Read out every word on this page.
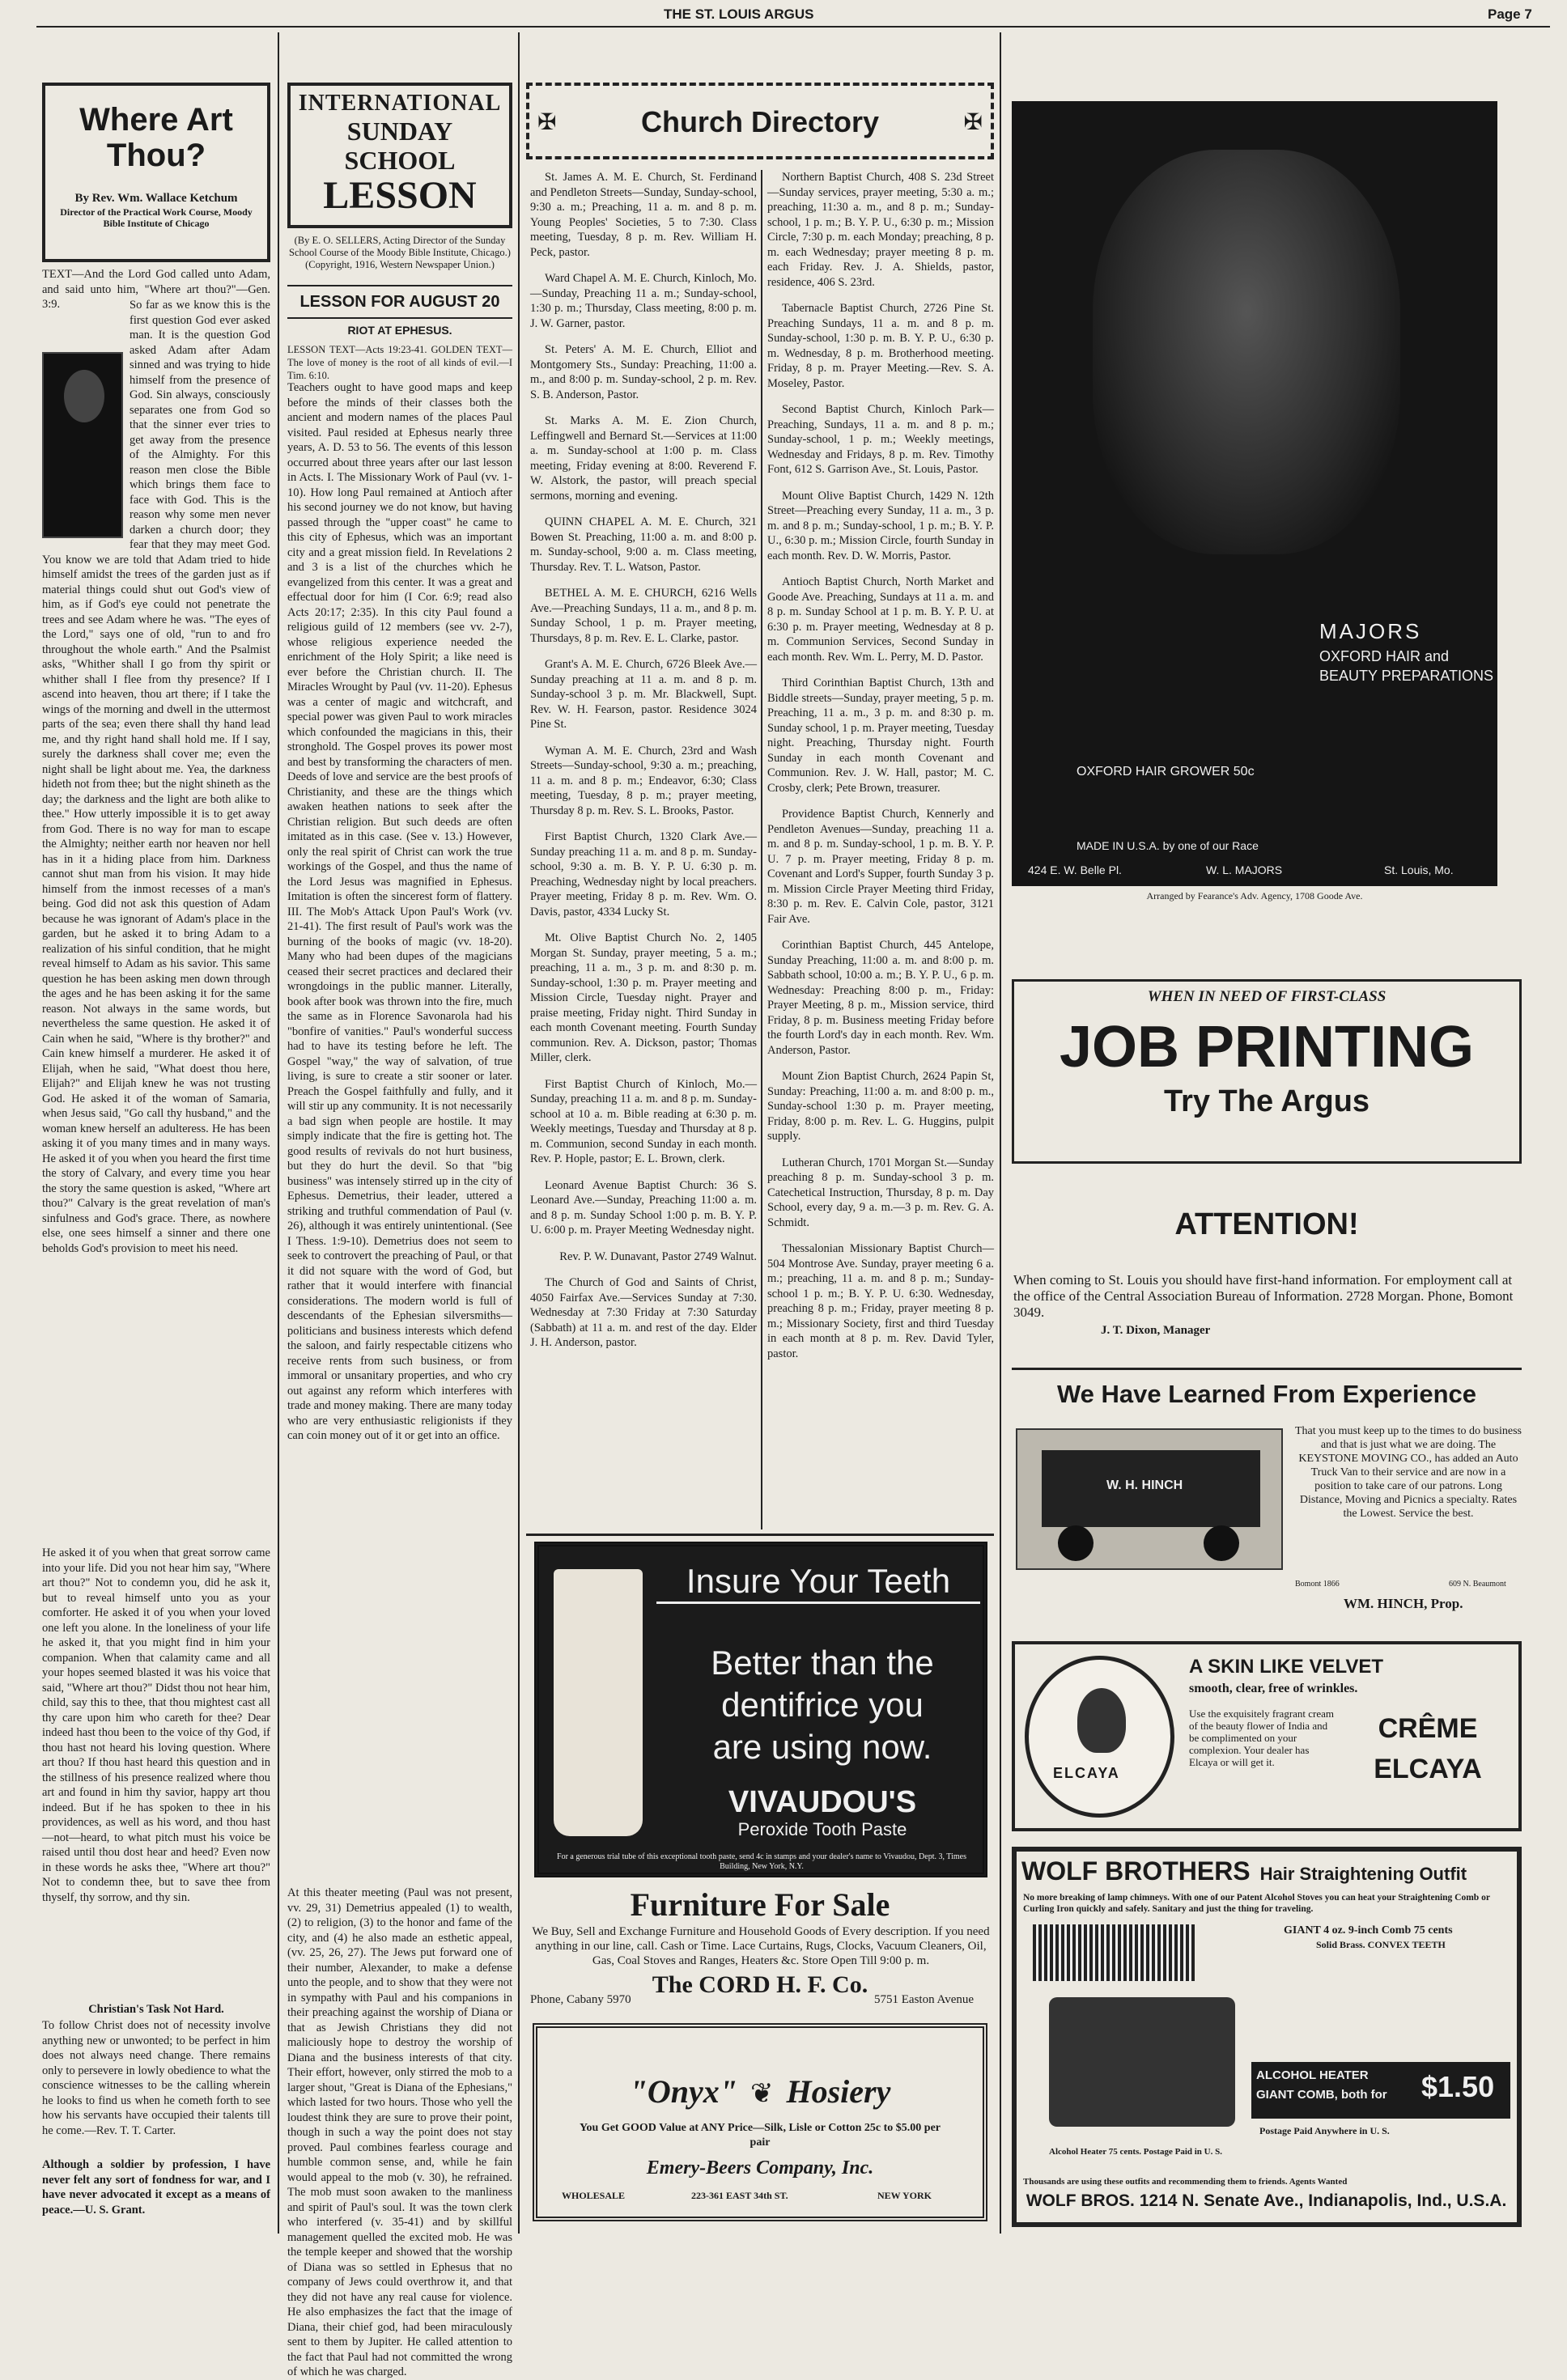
THE ST. LOUIS ARGUS	Page 7
Where Art Thou?
By Rev. Wm. Wallace Ketchum
Director of the Practical Work Course, Moody Bible Institute of Chicago
TEXT—And the Lord God called unto Adam, and said unto him, "Where art thou?"—Gen. 3:9.	So far as we know this is the first question God ever asked man. It is the question God asked Adam after Adam sinned and was trying to hide himself from the presence of God. Sin always, consciously separates one from God so that the sinner ever tries to get away from the presence of the Almighty. For this reason men close the Bible which brings them face to face with God. This is the reason why some men never darken a church door; they fear that they may meet God. You know we are told that Adam tried to hide himself amidst the trees of the garden just as if material things could shut out God's view of him, as if God's eye could not penetrate the trees and see Adam where he was. "The eyes of the Lord," says one of old, "run to and fro throughout the whole earth." And the Psalmist asks, "Whither shall I go from thy spirit or whither shall I flee from thy presence? If I ascend into heaven, thou art there; if I take the wings of the morning and dwell in the uttermost parts of the sea; even there shall thy hand lead me, and thy right hand shall hold me. If I say, surely the darkness shall cover me; even the night shall be light about me. Yea, the darkness hideth not from thee; but the night shineth as the day; the darkness and the light are both alike to thee." How utterly impossible it is to get away from God. There is no way for man to escape the Almighty; neither earth nor heaven nor hell has in it a hiding place from him. Darkness cannot shut man from his vision. It may hide himself from the inmost recesses of a man's being. God did not ask this question of Adam because he was ignorant of Adam's place in the garden, but he asked it to bring Adam to a realization of his sinful condition, that he might reveal himself to Adam as his savior. This same question he has been asking men down through the ages and he has been asking it for the same reason. Not always in the same words, but nevertheless the same question. He asked it of Cain when he said, "Where is thy brother?" and Cain knew himself a murderer. He asked it of Elijah, when he said, "What doest thou here, Elijah?" and Elijah knew he was not trusting God. He asked it of the woman of Samaria, when Jesus said, "Go call thy husband," and the woman knew herself an adulteress. He has been asking it of you many times and in many ways. He asked it of you when you heard the first time the story of Calvary, and every time you hear the story the same question is asked, "Where art thou?" Calvary is the great revelation of man's sinfulness and God's grace. There, as nowhere else, one sees himself a sinner and there one beholds God's provision to meet his need.
He asked it of you when that great sorrow came into your life. Did you not hear him say, "Where art thou?" Not to condemn you, did he ask it, but to reveal himself unto you as your comforter. He asked it of you when your loved one left you alone. In the loneliness of your life he asked it, that you might find in him your companion. When that calamity came and all your hopes seemed blasted it was his voice that said, "Where art thou?" Didst thou not hear him, child, say this to thee, that thou mightest cast all thy care upon him who careth for thee? Dear indeed hast thou been to the voice of thy God, if thou hast not heard his loving question. Where art thou? If thou hast heard this question and in the stillness of his presence realized where thou art and found in him thy savior, happy art thou indeed. But if he has spoken to thee in his providences, as well as his word, and thou hast—not—heard, to what pitch must his voice be raised until thou dost hear and heed? Even now in these words he asks thee, "Where art thou?" Not to condemn thee, but to save thee from thyself, thy sorrow, and thy sin.
Christian's Task Not Hard.
To follow Christ does not of necessity involve anything new or unwonted; to be perfect in him does not always need change. There remains only to persevere in lowly obedience to what the conscience witnesses to be the calling wherein he looks to find us when he cometh forth to see how his servants have occupied their talents till he come.—Rev. T. T. Carter.
Although a soldier by profession, I have never felt any sort of fondness for war, and I have never advocated it except as a means of peace.—U. S. Grant.
INTERNATIONAL
SUNDAY SCHOOL
LESSON
(By E. O. SELLERS, Acting Director of the Sunday School Course of the Moody Bible Institute, Chicago.) (Copyright, 1916, Western Newspaper Union.)
LESSON FOR AUGUST 20
RIOT AT EPHESUS.
LESSON TEXT—Acts 19:23-41. GOLDEN TEXT—The love of money is the root of all kinds of evil.—I Tim. 6:10.
Teachers ought to have good maps and keep before the minds of their classes both the ancient and modern names of the places Paul visited. Paul resided at Ephesus nearly three years, A. D. 53 to 56. The events of this lesson occurred about three years after our last lesson in Acts. I. The Missionary Work of Paul (vv. 1-10). How long Paul remained at Antioch after his second journey we do not know, but having passed through the "upper coast" he came to this city of Ephesus, which was an important city and a great mission field. In Revelations 2 and 3 is a list of the churches which he evangelized from this center. It was a great and effectual door for him (I Cor. 6:9; read also Acts 20:17; 2:35). In this city Paul found a religious guild of 12 members (see vv. 2-7), whose religious experience needed the enrichment of the Holy Spirit; a like need is ever before the Christian church. II. The Miracles Wrought by Paul (vv. 11-20). Ephesus was a center of magic and witchcraft, and special power was given Paul to work miracles which confounded the magicians in this, their stronghold. The Gospel proves its power most and best by transforming the characters of men. Deeds of love and service are the best proofs of Christianity, and these are the things which awaken heathen nations to seek after the Christian religion. But such deeds are often imitated as in this case. (See v. 13.) However, only the real spirit of Christ can work the true workings of the Gospel, and thus the name of the Lord Jesus was magnified in Ephesus. Imitation is often the sincerest form of flattery. III. The Mob's Attack Upon Paul's Work (vv. 21-41). The first result of Paul's work was the burning of the books of magic (vv. 18-20). Many who had been dupes of the magicians ceased their secret practices and declared their wrongdoings in the public manner. Literally, book after book was thrown into the fire, much the same as in Florence Savonarola had his "bonfire of vanities." Paul's wonderful success had to have its testing before he left. The Gospel "way," the way of salvation, of true living, is sure to create a stir sooner or later. Preach the Gospel faithfully and fully, and it will stir up any community. It is not necessarily a bad sign when people are hostile. It may simply indicate that the fire is getting hot. The good results of revivals do not hurt business, but they do hurt the devil. So that "big business" was intensely stirred up in the city of Ephesus. Demetrius, their leader, uttered a striking and truthful commendation of Paul (v. 26), although it was entirely unintentional. (See I Thess. 1:9-10). Demetrius does not seem to seek to controvert the preaching of Paul, or that it did not square with the word of God, but rather that it would interfere with financial considerations. The modern world is full of descendants of the Ephesian silversmiths—politicians and business interests which defend the saloon, and fairly respectable citizens who receive rents from such business, or from immoral or unsanitary properties, and who cry out against any reform which interferes with trade and money making. There are many today who are very enthusiastic religionists if they can coin money out of it or get into an office.
At this theater meeting (Paul was not present, vv. 29, 31) Demetrius appealed (1) to wealth, (2) to religion, (3) to the honor and fame of the city, and (4) he also made an esthetic appeal, (vv. 25, 26, 27). The Jews put forward one of their number, Alexander, to make a defense unto the people, and to show that they were not in sympathy with Paul and his companions in their preaching against the worship of Diana or that as Jewish Christians they did not maliciously hope to destroy the worship of Diana and the business interests of that city. Their effort, however, only stirred the mob to a larger shout, "Great is Diana of the Ephesians," which lasted for two hours. Those who yell the loudest think they are sure to prove their point, though in such a way the point does not stay proved. Paul combines fearless courage and humble common sense, and, while he fain would appeal to the mob (v. 30), he refrained. The mob must soon awaken to the manliness and spirit of Paul's soul. It was the town clerk who interfered (v. 35-41) and by skillful management quelled the excited mob. He was the temple keeper and showed that the worship of Diana was so settled in Ephesus that no company of Jews could overthrow it, and that they did not have any real cause for violence. He also emphasizes the fact that the image of Diana, their chief god, had been miraculously sent to them by Jupiter. He called attention to the fact that Paul had not committed the wrong of which he was charged.
Church Directory
✠	✠

St. James A. M. E. Church, St. Ferdinand and Pendleton Streets—Sunday, Sunday-school, 9:30 a. m.; Preaching, 11 a. m. and 8 p. m. Young Peoples' Societies, 5 to 7:30. Class meeting, Tuesday, 8 p. m. Rev. William H. Peck, pastor.

Ward Chapel A. M. E. Church, Kinloch, Mo.—Sunday, Preaching 11 a. m.; Sunday-school, 1:30 p. m.; Thursday, Class meeting, 8:00 p. m. J. W. Garner, pastor.

St. Peters' A. M. E. Church, Elliot and Montgomery Sts., Sunday: Preaching, 11:00 a. m., and 8:00 p. m. Sunday-school, 2 p. m. Rev. S. B. Anderson, Pastor.

St. Marks A. M. E. Zion Church, Leffingwell and Bernard St.—Services at 11:00 a. m. Sunday-school at 1:00 p. m. Class meeting, Friday evening at 8:00. Reverend F. W. Alstork, the pastor, will preach special sermons, morning and evening.

QUINN CHAPEL A. M. E. Church, 321 Bowen St. Preaching, 11:00 a. m. and 8:00 p. m. Sunday-school, 9:00 a. m. Class meeting, Thursday. Rev. T. L. Watson, Pastor.

BETHEL A. M. E. CHURCH, 6216 Wells Ave.—Preaching Sundays, 11 a. m., and 8 p. m. Sunday School, 1 p. m. Prayer meeting, Thursdays, 8 p. m. Rev. E. L. Clarke, pastor.

Grant's A. M. E. Church, 6726 Bleek Ave.—Sunday preaching at 11 a. m. and 8 p. m. Sunday-school 3 p. m. Mr. Blackwell, Supt. Rev. W. H. Fearson, pastor. Residence 3024 Pine St.

Wyman A. M. E. Church, 23rd and Wash Streets—Sunday-school, 9:30 a. m.; preaching, 11 a. m. and 8 p. m.; Endeavor, 6:30; Class meeting, Tuesday, 8 p. m.; prayer meeting, Thursday 8 p. m. Rev. S. L. Brooks, Pastor.

First Baptist Church, 1320 Clark Ave.—Sunday preaching 11 a. m. and 8 p. m. Sunday-school, 9:30 a. m. B. Y. P. U. 6:30 p. m. Preaching, Wednesday night by local preachers. Prayer meeting, Friday 8 p. m. Rev. Wm. O. Davis, pastor, 4334 Lucky St.

Mt. Olive Baptist Church No. 2, 1405 Morgan St. Sunday, prayer meeting, 5 a. m.; preaching, 11 a. m., 3 p. m. and 8:30 p. m. Sunday-school, 1:30 p. m. Prayer meeting and Mission Circle, Tuesday night. Prayer and praise meeting, Friday night. Third Sunday in each month Covenant meeting. Fourth Sunday communion. Rev. A. Dickson, pastor; Thomas Miller, clerk.

First Baptist Church of Kinloch, Mo.—Sunday, preaching 11 a. m. and 8 p. m. Sunday-school at 10 a. m. Bible reading at 6:30 p. m. Weekly meetings, Tuesday and Thursday at 8 p. m. Communion, second Sunday in each month. Rev. P. Hople, pastor; E. L. Brown, clerk.

Leonard Avenue Baptist Church: 36 S. Leonard Ave.—Sunday, Preaching 11:00 a. m. and 8 p. m. Sunday School 1:00 p. m. B. Y. P. U. 6:00 p. m. Prayer Meeting Wednesday night.

Rev. P. W. Dunavant, Pastor 2749 Walnut.

The Church of God and Saints of Christ, 4050 Fairfax Ave.—Services Sunday at 7:30. Wednesday at 7:30 Friday at 7:30 Saturday (Sabbath) at 11 a. m. and rest of the day. Elder J. H. Anderson, pastor.

Northern Baptist Church, 408 S. 23d Street—Sunday services, prayer meeting, 5:30 a. m.; preaching, 11:30 a. m., and 8 p. m.; Sunday-school, 1 p. m.; B. Y. P. U., 6:30 p. m.; Mission Circle, 7:30 p. m. each Monday; preaching, 8 p. m. each Wednesday; prayer meeting 8 p. m. each Friday. Rev. J. A. Shields, pastor, residence, 406 S. 23rd.

Tabernacle Baptist Church, 2726 Pine St. Preaching Sundays, 11 a. m. and 8 p. m. Sunday-school, 1:30 p. m. B. Y. P. U., 6:30 p. m. Wednesday, 8 p. m. Brotherhood meeting. Friday, 8 p. m. Prayer Meeting.—Rev. S. A. Moseley, Pastor.

Second Baptist Church, Kinloch Park—Preaching, Sundays, 11 a. m. and 8 p. m.; Sunday-school, 1 p. m.; Weekly meetings, Wednesday and Fridays, 8 p. m. Rev. Timothy Font, 612 S. Garrison Ave., St. Louis, Pastor.

Mount Olive Baptist Church, 1429 N. 12th Street—Preaching every Sunday, 11 a. m., 3 p. m. and 8 p. m.; Sunday-school, 1 p. m.; B. Y. P. U., 6:30 p. m.; Mission Circle, fourth Sunday in each month. Rev. D. W. Morris, Pastor.

Antioch Baptist Church, North Market and Goode Ave. Preaching, Sundays at 11 a. m. and 8 p. m. Sunday School at 1 p. m. B. Y. P. U. at 6:30 p. m. Prayer meeting, Wednesday at 8 p. m. Communion Services, Second Sunday in each month. Rev. Wm. L. Perry, M. D. Pastor.

Third Corinthian Baptist Church, 13th and Biddle streets—Sunday, prayer meeting, 5 p. m. Preaching, 11 a. m., 3 p. m. and 8:30 p. m. Sunday school, 1 p. m. Prayer meeting, Tuesday night. Preaching, Thursday night. Fourth Sunday in each month Covenant and Communion. Rev. J. W. Hall, pastor; M. C. Crosby, clerk; Pete Brown, treasurer.

Providence Baptist Church, Kennerly and Pendleton Avenues—Sunday, preaching 11 a. m. and 8 p. m. Sunday-school, 1 p. m. B. Y. P. U. 7 p. m. Prayer meeting, Friday 8 p. m. Covenant and Lord's Supper, fourth Sunday 3 p. m. Mission Circle Prayer Meeting third Friday, 8:30 p. m. Rev. E. Calvin Cole, pastor, 3121 Fair Ave.

Corinthian Baptist Church, 445 Antelope, Sunday Preaching, 11:00 a. m. and 8:00 p. m. Sabbath school, 10:00 a. m.; B. Y. P. U., 6 p. m. Wednesday: Preaching 8:00 p. m., Friday: Prayer Meeting, 8 p. m., Mission service, third Friday, 8 p. m. Business meeting Friday before the fourth Lord's day in each month. Rev. Wm. Anderson, Pastor.

Mount Zion Baptist Church, 2624 Papin St, Sunday: Preaching, 11:00 a. m. and 8:00 p. m., Sunday-school 1:30 p. m. Prayer meeting, Friday, 8:00 p. m. Rev. L. G. Huggins, pulpit supply.

Lutheran Church, 1701 Morgan St.—Sunday preaching 8 p. m. Sunday-school 3 p. m. Catechetical Instruction, Thursday, 8 p. m. Day School, every day, 9 a. m.—3 p. m. Rev. G. A. Schmidt.

Thessalonian Missionary Baptist Church—504 Montrose Ave. Sunday, prayer meeting 6 a. m.; preaching, 11 a. m. and 8 p. m.; Sunday-school 1 p. m.; B. Y. P. U. 6:30. Wednesday, preaching 8 p. m.; Friday, prayer meeting 8 p. m.; Missionary Society, first and third Tuesday in each month at 8 p. m. Rev. David Tyler, pastor.

Insure Your Teeth
Better than the
dentifrice you
are using now.
VIVAUDOU'S
Peroxide Tooth Paste
For a generous trial tube of this exceptional tooth paste, send 4c in stamps and your dealer's name to Vivaudou, Dept. 3, Times Building, New York, N.Y.
Furniture For Sale
We Buy, Sell and Exchange Furniture and Household Goods of Every description. If you need anything in our line, call. Cash or Time. Lace Curtains, Rugs, Clocks, Vacuum Cleaners, Oil, Gas, Coal Stoves and Ranges, Heaters &c. Store Open Till 9:00 p. m.
The CORD H. F. Co.
Phone, Cabany 5970	5751 Easton Avenue
"Onyx" ❦ Hosiery
You Get GOOD Value at ANY Price—Silk, Lisle or Cotton 25c to $5.00 per pair
Emery-Beers Company, Inc.
WHOLESALE	223-361 EAST 34th ST.	NEW YORK
MAJORS
OXFORD HAIR and
BEAUTY PREPARATIONS
OXFORD HAIR GROWER 50c
MADE IN U.S.A. by one of our Race
424 E. W. Belle Pl.	W. L. MAJORS	St. Louis, Mo.
Arranged by Fearance's Adv. Agency, 1708 Goode Ave.
WHEN IN NEED OF FIRST-CLASS
JOB PRINTING
Try The Argus
ATTENTION!
When coming to St. Louis you should have first-hand information. For employment call at the office of the Central Association Bureau of Information. 2728 Morgan. Phone, Bomont 3049.
J. T. Dixon, Manager
We Have Learned From Experience
W. H. HINCH
That you must keep up to the times to do business and that is just what we are doing. The KEYSTONE MOVING CO., has added an Auto Truck Van to their service and are now in a position to take care of our patrons. Long Distance, Moving and Picnics a specialty. Rates the Lowest. Service the best.
Bomont 1866	609 N. Beaumont
WM. HINCH, Prop.
ELCAYA
A SKIN LIKE VELVET
smooth, clear, free of wrinkles.
Use the exquisitely fragrant cream of the beauty flower of India and be complimented on your complexion. Your dealer has Elcaya or will get it.
CRÊME
ELCAYA
WOLF BROTHERS Hair Straightening Outfit
No more breaking of lamp chimneys. With one of our Patent Alcohol Stoves you can heat your Straightening Comb or Curling Iron quickly and safely. Sanitary and just the thing for traveling.
GIANT 4 oz. 9-inch Comb 75 cents
Solid Brass. CONVEX TEETH
ALCOHOL HEATER
GIANT COMB, both for $1.50
Postage Paid Anywhere in U. S.
Alcohol Heater 75 cents. Postage Paid in U. S.
Thousands are using these outfits and recommending them to friends. Agents Wanted
WOLF BROS. 1214 N. Senate Ave., Indianapolis, Ind., U.S.A.
